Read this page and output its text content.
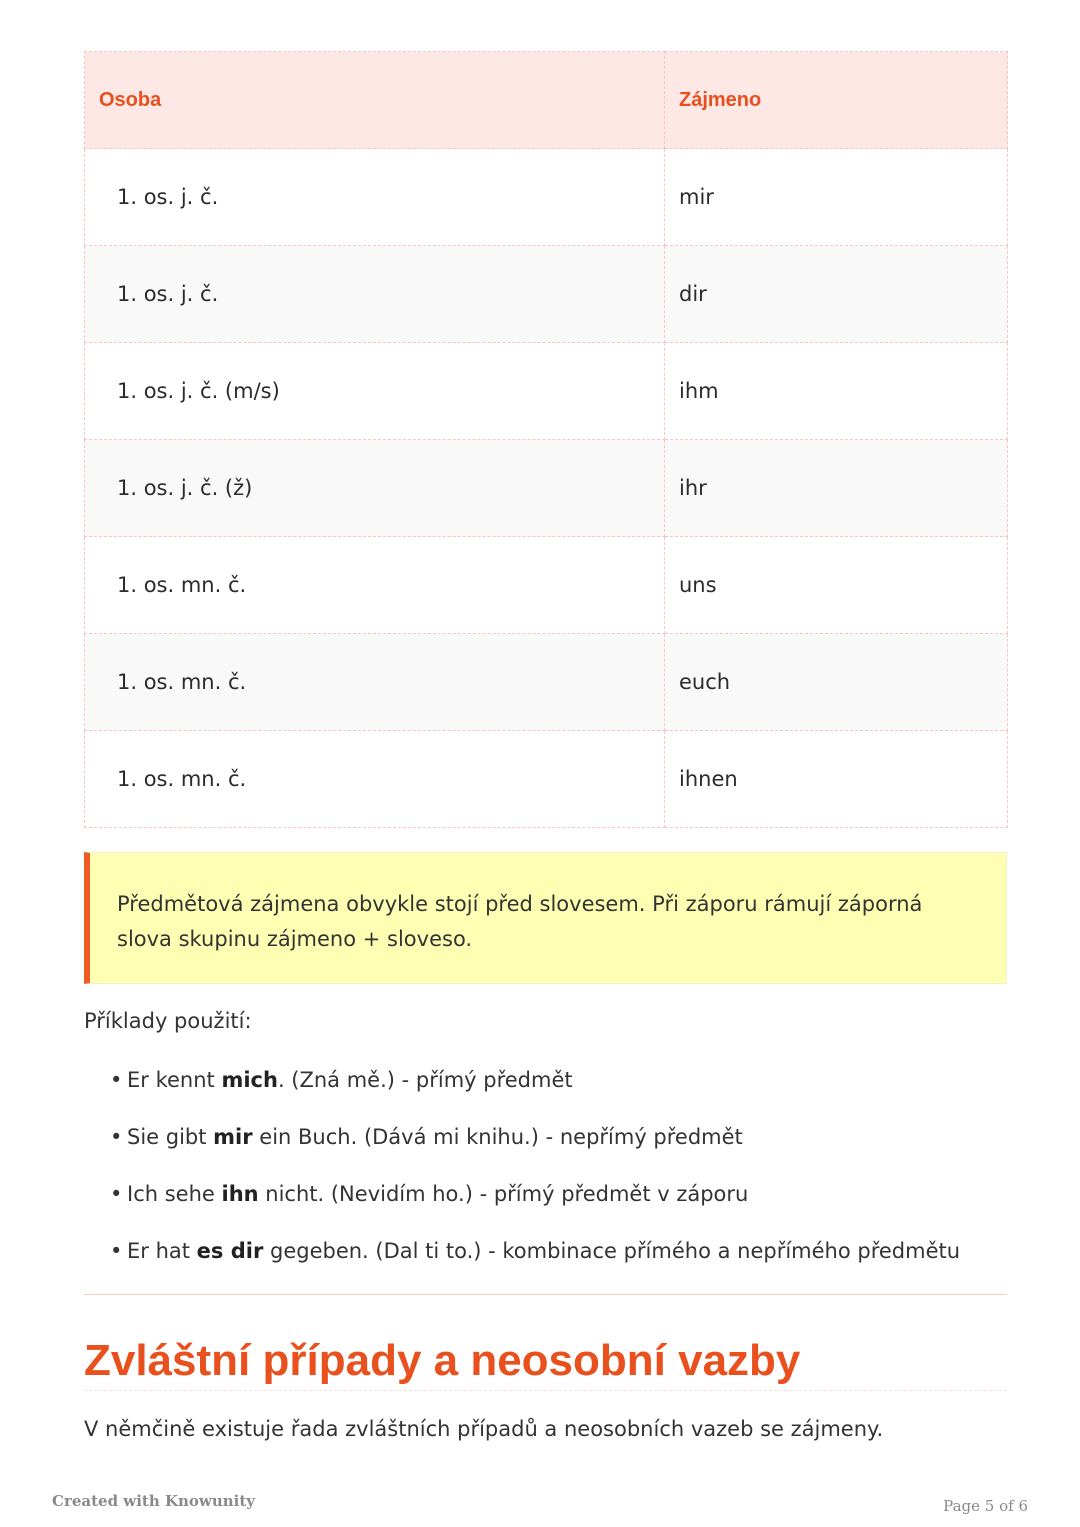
Osoba	Zájmeno
1. os. j. č.	mir
1. os. j. č.	dir
1. os. j. č. (m/s)	ihm
1. os. j. č. (ž)	ihr
1. os. mn. č.	uns
1. os. mn. č.	euch
1. os. mn. č.	ihnen
Předmětová zájmena obvykle stojí před slovesem. Při záporu rámují záporná slova skupinu zájmeno + sloveso.
Příklady použití:
• Er kennt mich. (Zná mě.) - přímý předmět
• Sie gibt mir ein Buch. (Dává mi knihu.) - nepřímý předmět
• Ich sehe ihn nicht. (Nevidím ho.) - přímý předmět v záporu
• Er hat es dir gegeben. (Dal ti to.) - kombinace přímého a nepřímého předmětu
Zvláštní případy a neosobní vazby
V němčině existuje řada zvláštních případů a neosobních vazeb se zájmeny.
Created with Knowunity	Page 5 of 6
